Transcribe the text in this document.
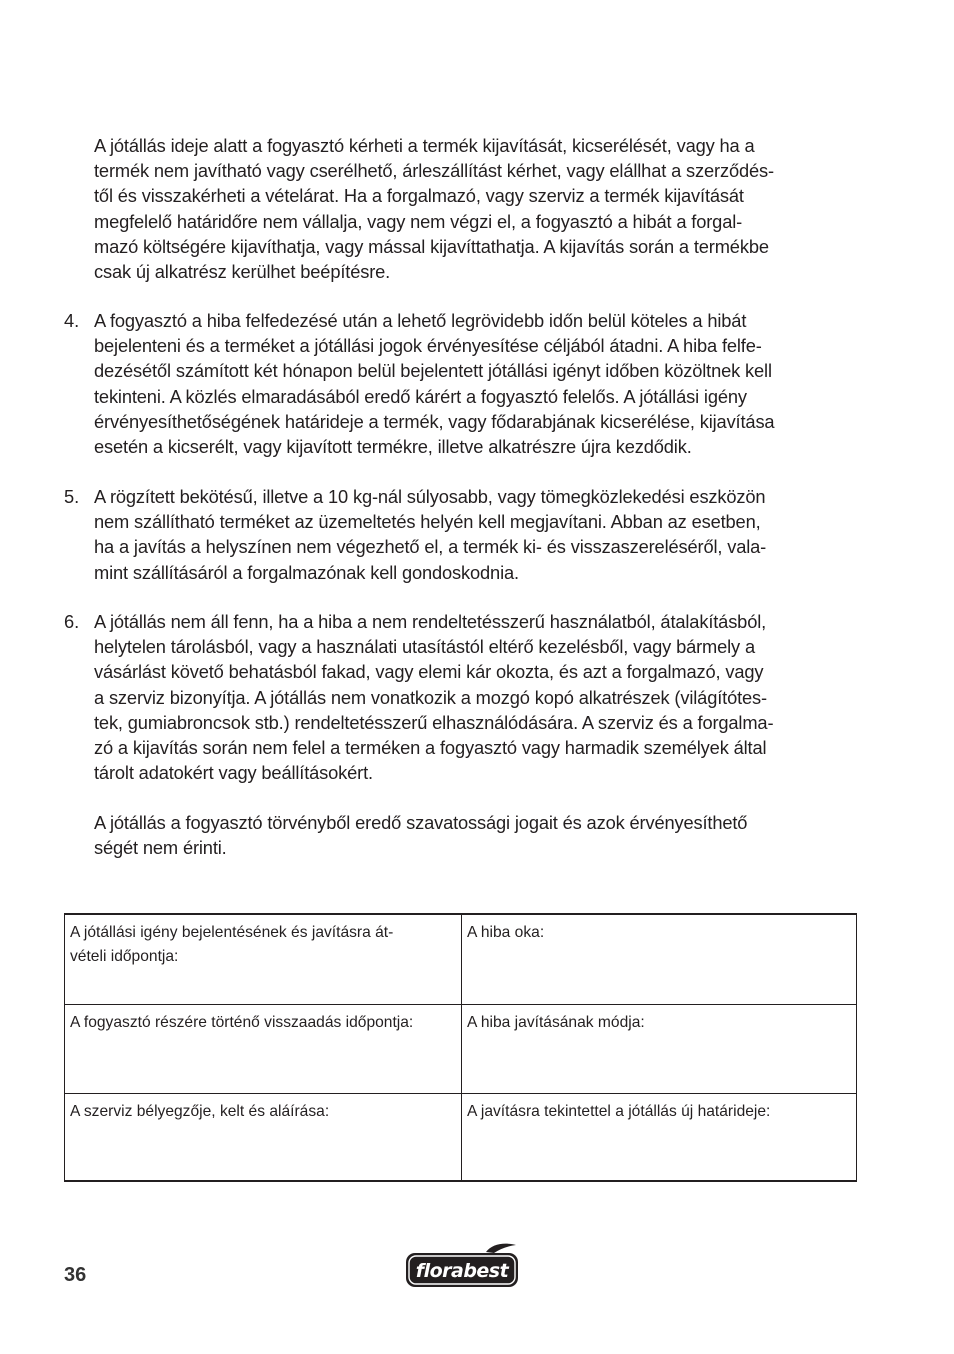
A jótállás ideje alatt a fogyasztó kérheti a termék kijavítását, kicserélését, vagy ha a
termék nem javítható vagy cserélhető, árleszállítást kérhet, vagy elállhat a szerződés-
től és visszakérheti a vételárat. Ha a forgalmazó, vagy szerviz a termék kijavítását
megfelelő határidőre nem vállalja, vagy nem végzi el, a fogyasztó a hibát a forgal-
mazó költségére kijavíthatja, vagy mással kijavíttathatja. A kijavítás során a termékbe
csak új alkatrész kerülhet beépítésre.

4. A fogyasztó a hiba felfedezésé után a lehető legrövidebb időn belül köteles a hibát
bejelenteni és a terméket a jótállási jogok érvényesítése céljából átadni. A hiba felfe-
dezésétől számított két hónapon belül bejelentett jótállási igényt időben közöltnek kell
tekinteni. A közlés elmaradásából eredő kárért a fogyasztó felelős. A jótállási igény
érvényesíthetőségének határideje a termék, vagy fődarabjának kicserélése, kijavítása
esetén a kicserélt, vagy kijavított termékre, illetve alkatrészre újra kezdődik.

5. A rögzített bekötésű, illetve a 10 kg-nál súlyosabb, vagy tömegközlekedési eszközön
nem szállítható terméket az üzemeltetés helyén kell megjavítani. Abban az esetben,
ha a javítás a helyszínen nem végezhető el, a termék ki- és visszaszereléséről, vala-
mint szállításáról a forgalmazónak kell gondoskodnia.

6. A jótállás nem áll fenn, ha a hiba a nem rendeltetésszerű használatból, átalakításból,
helytelen tárolásból, vagy a használati utasítástól eltérő kezelésből, vagy bármely a
vásárlást követő behatásból fakad, vagy elemi kár okozta, és azt a forgalmazó, vagy
a szerviz bizonyítja. A jótállás nem vonatkozik a mozgó kopó alkatrészek (világítótes-
tek, gumiabroncsok stb.) rendeltetésszerű elhasználódására. A szerviz és a forgalma-
zó a kijavítás során nem felel a terméken a fogyasztó vagy harmadik személyek által
tárolt adatokért vagy beállításokért.

A jótállás a fogyasztó törvényből eredő szavatossági jogait és azok érvényesíthető
ségét nem érinti.

A jótállási igény bejelentésének és javításra át-
vételi időpontja:	A hiba oka:
A fogyasztó részére történő visszaadás időpontja:	A hiba javításának módja:
A szerviz bélyegzője, kelt és aláírása:	A javításra tekintettel a jótállás új határideje:
36	florabest
